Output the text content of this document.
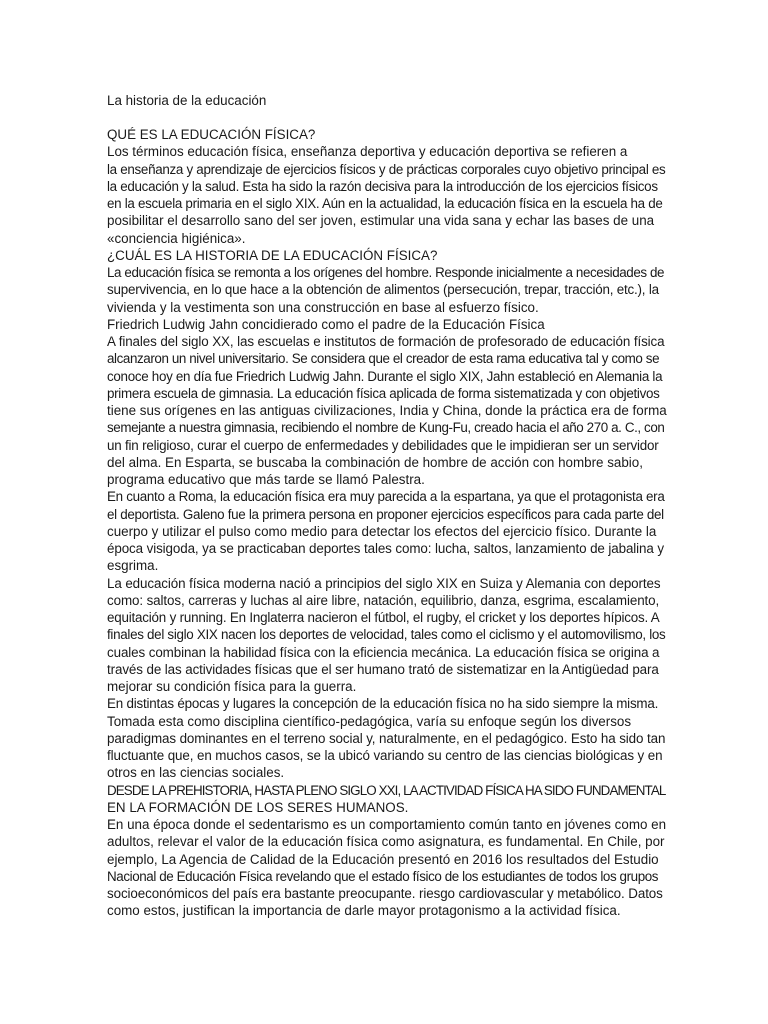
La historia de la educación
QUÉ ES LA EDUCACIÓN FÍSICA?
Los términos educación física, enseñanza deportiva y educación deportiva se refieren a
la enseñanza y aprendizaje de ejercicios físicos y de prácticas corporales cuyo objetivo principal es
la educación y la salud. Esta ha sido la razón decisiva para la introducción de los ejercicios físicos
en la escuela primaria en el siglo XIX. Aún en la actualidad, la educación física en la escuela ha de
posibilitar el desarrollo sano del ser joven, estimular una vida sana y echar las bases de una
«conciencia higiénica».
¿CUÁL ES LA HISTORIA DE LA EDUCACIÓN FÍSICA?
La educación física se remonta a los orígenes del hombre. Responde inicialmente a necesidades de
supervivencia, en lo que hace a la obtención de alimentos (persecución, trepar, tracción, etc.), la
vivienda y la vestimenta son una construcción en base al esfuerzo físico.
Friedrich Ludwig Jahn concidierado como el padre de la Educación Física
A finales del siglo XX, las escuelas e institutos de formación de profesorado de educación física
alcanzaron un nivel universitario. Se considera que el creador de esta rama educativa tal y como se
conoce hoy en día fue Friedrich Ludwig Jahn. Durante el siglo XIX, Jahn estableció en Alemania la
primera escuela de gimnasia. La educación física aplicada de forma sistematizada y con objetivos
tiene sus orígenes en las antiguas civilizaciones, India y China, donde la práctica era de forma
semejante a nuestra gimnasia, recibiendo el nombre de Kung-Fu, creado hacia el año 270 a. C., con
un fin religioso, curar el cuerpo de enfermedades y debilidades que le impidieran ser un servidor
del alma. En Esparta, se buscaba la combinación de hombre de acción con hombre sabio,
programa educativo que más tarde se llamó Palestra.
En cuanto a Roma, la educación física era muy parecida a la espartana, ya que el protagonista era
el deportista. Galeno fue la primera persona en proponer ejercicios específicos para cada parte del
cuerpo y utilizar el pulso como medio para detectar los efectos del ejercicio físico. Durante la
época visigoda, ya se practicaban deportes tales como: lucha, saltos, lanzamiento de jabalina y
esgrima.
La educación física moderna nació a principios del siglo XIX en Suiza y Alemania con deportes
como: saltos, carreras y luchas al aire libre, natación, equilibrio, danza, esgrima, escalamiento,
equitación y running. En Inglaterra nacieron el fútbol, el rugby, el cricket y los deportes hípicos. A
finales del siglo XIX nacen los deportes de velocidad, tales como el ciclismo y el automovilismo, los
cuales combinan la habilidad física con la eficiencia mecánica. La educación física se origina a
través de las actividades físicas que el ser humano trató de sistematizar en la Antigüedad para
mejorar su condición física para la guerra.
En distintas épocas y lugares la concepción de la educación física no ha sido siempre la misma.
Tomada esta como disciplina científico-pedagógica, varía su enfoque según los diversos
paradigmas dominantes en el terreno social y, naturalmente, en el pedagógico. Esto ha sido tan
fluctuante que, en muchos casos, se la ubicó variando su centro de las ciencias biológicas y en
otros en las ciencias sociales.
DESDE LA PREHISTORIA, HASTA PLENO SIGLO XXI, LA ACTIVIDAD FÍSICA HA SIDO FUNDAMENTAL
EN LA FORMACIÓN DE LOS SERES HUMANOS.
En una época donde el sedentarismo es un comportamiento común tanto en jóvenes como en
adultos, relevar el valor de la educación física como asignatura, es fundamental. En Chile, por
ejemplo, La Agencia de Calidad de la Educación presentó en 2016 los resultados del Estudio
Nacional de Educación Física revelando que el estado físico de los estudiantes de todos los grupos
socioeconómicos del país era bastante preocupante. riesgo cardiovascular y metabólico. Datos
como estos, justifican la importancia de darle mayor protagonismo a la actividad física.
